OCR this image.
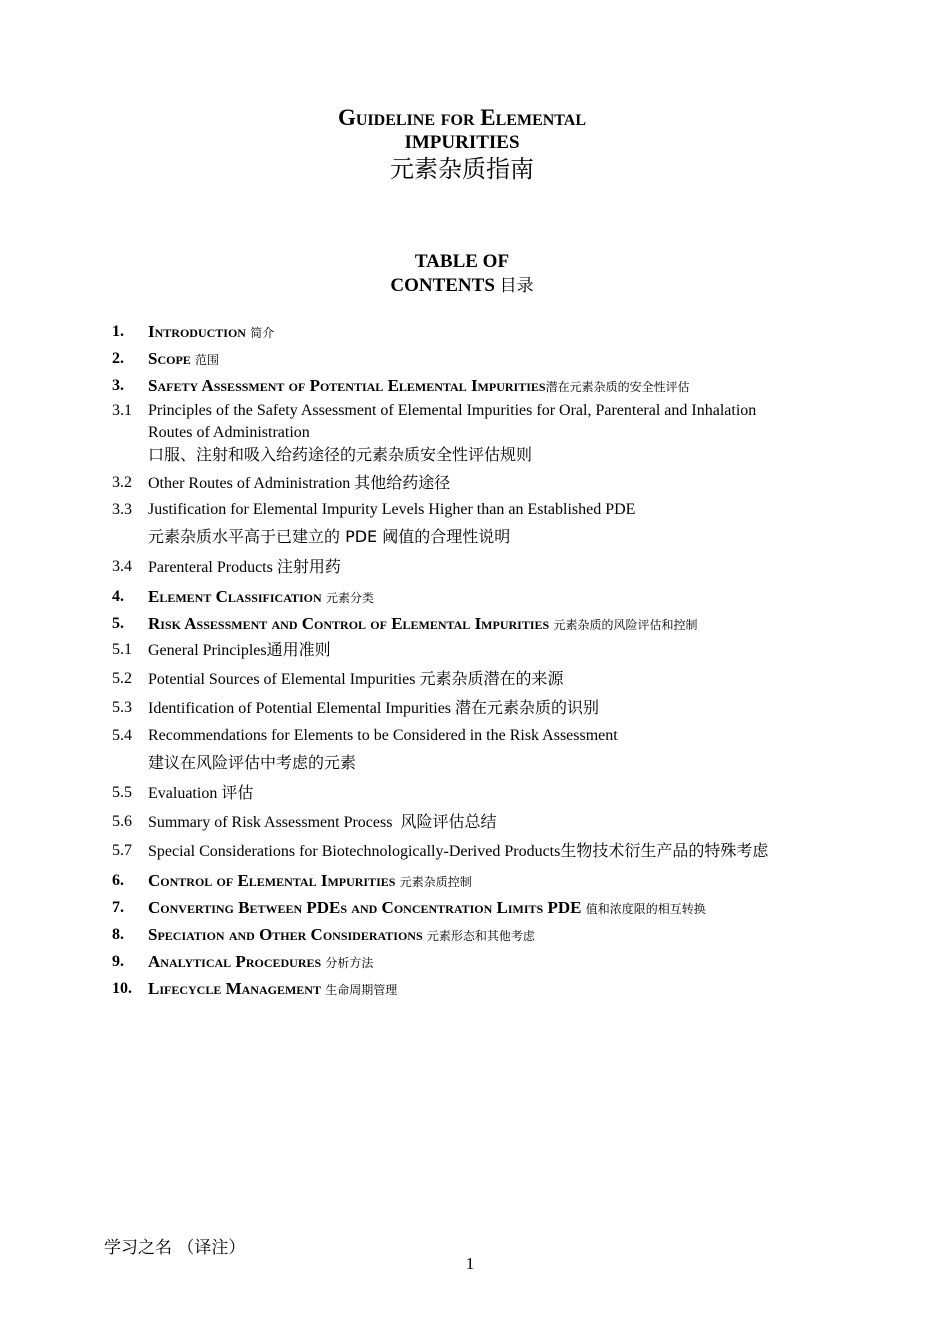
Guideline for Elemental
IMPURITIES
元素杂质指南
TABLE OF
CONTENTS 目录
1. Introduction 简介
2. Scope 范围
3. Safety Assessment of Potential Elemental Impurities潜在元素杂质的安全性评估
3.1 Principles of the Safety Assessment of Elemental Impurities for Oral, Parenteral and Inhalation
Routes of Administration
口服、注射和吸入给药途径的元素杂质安全性评估规则
3.2 Other Routes of Administration 其他给药途径
3.3 Justification for Elemental Impurity Levels Higher than an Established PDE
元素杂质水平高于已建立的 PDE 阈值的合理性说明
3.4 Parenteral Products 注射用药
4. Element Classification 元素分类
5. Risk Assessment and Control of Elemental Impurities 元素杂质的风险评估和控制
5.1 General Principles通用准则
5.2 Potential Sources of Elemental Impurities 元素杂质潜在的来源
5.3 Identification of Potential Elemental Impurities 潜在元素杂质的识别
5.4 Recommendations for Elements to be Considered in the Risk Assessment
建议在风险评估中考虑的元素
5.5 Evaluation 评估
5.6 Summary of Risk Assessment Process 风险评估总结
5.7 Special Considerations for Biotechnologically-Derived Products生物技术衍生产品的特殊考虑
6. Control of Elemental Impurities 元素杂质控制
7. Converting Between PDEs and Concentration Limits PDE 值和浓度限的相互转换
8. Speciation and Other Considerations 元素形态和其他考虑
9. Analytical Procedures 分析方法
10. Lifecycle Management 生命周期管理
学习之名 （译注）
1
